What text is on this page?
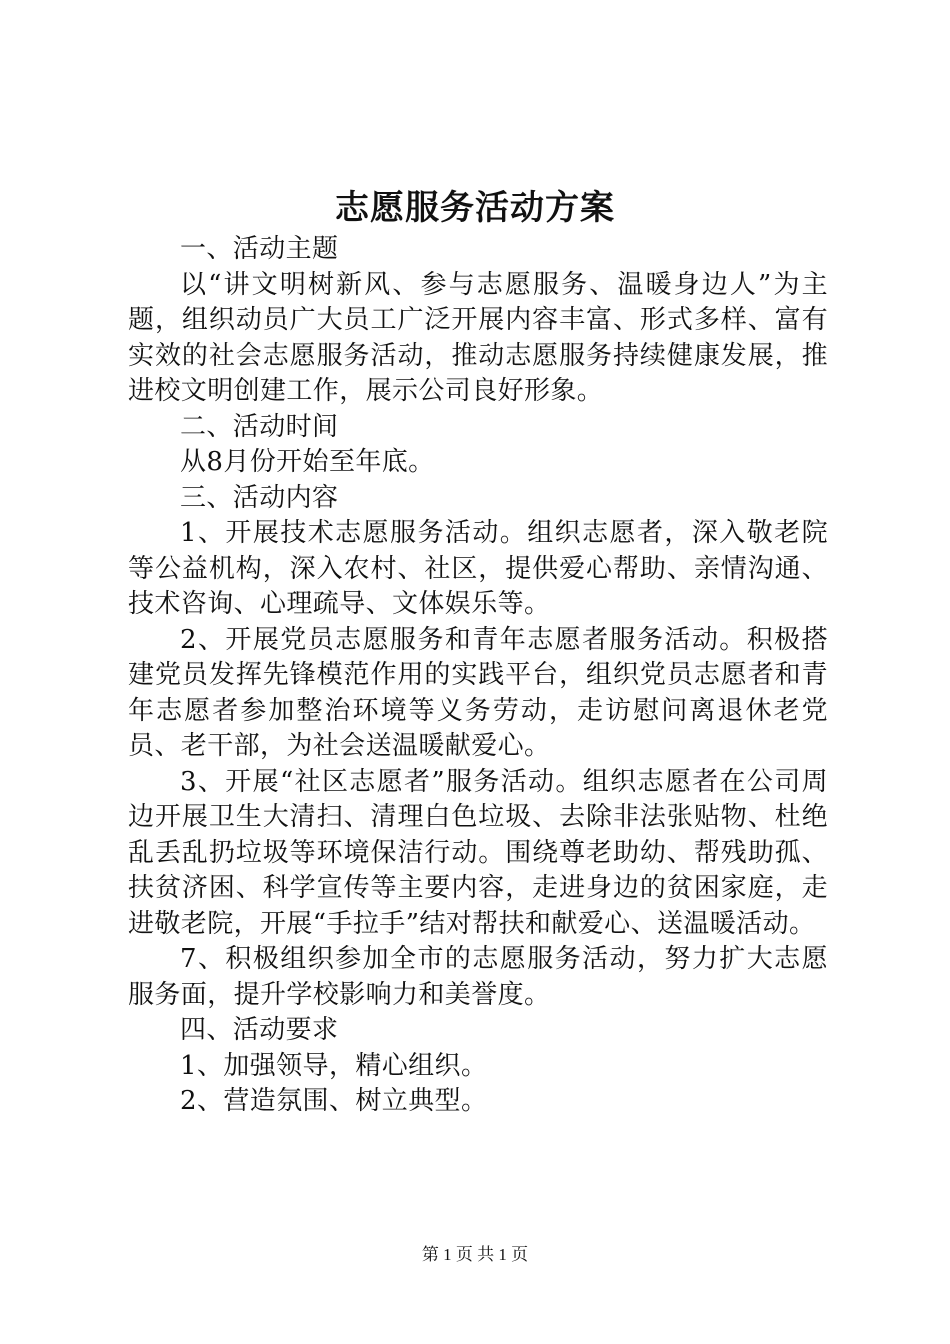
志愿服务活动方案

一、活动主题

以“讲文明树新风、参与志愿服务、温暖身边人”为主题，组织动员广大员工广泛开展内容丰富、形式多样、富有实效的社会志愿服务活动，推动志愿服务持续健康发展，推进校文明创建工作，展示公司良好形象。

二、活动时间

从8月份开始至年底。

三、活动内容

1、开展技术志愿服务活动。组织志愿者，深入敬老院等公益机构，深入农村、社区，提供爱心帮助、亲情沟通、技术咨询、心理疏导、文体娱乐等。

2、开展党员志愿服务和青年志愿者服务活动。积极搭建党员发挥先锋模范作用的实践平台，组织党员志愿者和青年志愿者参加整治环境等义务劳动，走访慰问离退休老党员、老干部，为社会送温暖献爱心。

3、开展“社区志愿者”服务活动。组织志愿者在公司周边开展卫生大清扫、清理白色垃圾、去除非法张贴物、杜绝乱丢乱扔垃圾等环境保洁行动。围绕尊老助幼、帮残助孤、扶贫济困、科学宣传等主要内容，走进身边的贫困家庭，走进敬老院，开展“手拉手”结对帮扶和献爱心、送温暖活动。

7、积极组织参加全市的志愿服务活动，努力扩大志愿服务面，提升学校影响力和美誉度。

四、活动要求

1、加强领导，精心组织。

2、营造氛围、树立典型。

第 1 页 共 1 页
